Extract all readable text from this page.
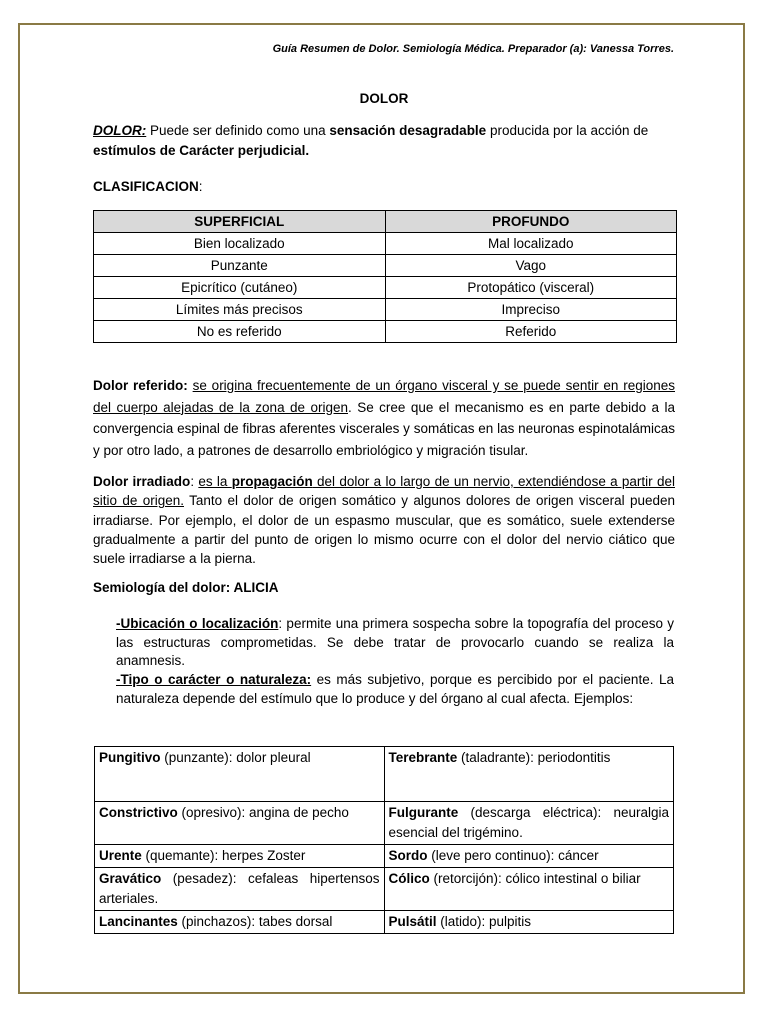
Guía Resumen de Dolor. Semiología Médica. Preparador (a): Vanessa Torres.
DOLOR
DOLOR: Puede ser definido como una sensación desagradable producida por la acción de estímulos de Carácter perjudicial.
CLASIFICACION:
SUPERFICIAL	PROFUNDO
Bien localizado	Mal localizado
Punzante	Vago
Epicrítico (cutáneo)	Protopático (visceral)
Límites más precisos	Impreciso
No es referido	Referido
Dolor referido: se origina frecuentemente de un órgano visceral y se puede sentir en regiones del cuerpo alejadas de la zona de origen. Se cree que el mecanismo es en parte debido a la convergencia espinal de fibras aferentes viscerales y somáticas en las neuronas espinotalámicas y por otro lado, a patrones de desarrollo embriológico y migración tisular.
Dolor irradiado: es la propagación del dolor a lo largo de un nervio, extendiéndose a partir del sitio de origen. Tanto el dolor de origen somático y algunos dolores de origen visceral pueden irradiarse. Por ejemplo, el dolor de un espasmo muscular, que es somático, suele extenderse gradualmente a partir del punto de origen lo mismo ocurre con el dolor del nervio ciático que suele irradiarse a la pierna.
Semiología del dolor: ALICIA
-Ubicación o localización: permite una primera sospecha sobre la topografía del proceso y las estructuras comprometidas. Se debe tratar de provocarlo cuando se realiza la anamnesis.
-Tipo o carácter o naturaleza: es más subjetivo, porque es percibido por el paciente. La naturaleza depende del estímulo que lo produce y del órgano al cual afecta. Ejemplos:
Pungitivo (punzante): dolor pleural	Terebrante (taladrante): periodontitis
Constrictivo (opresivo): angina de pecho	Fulgurante (descarga eléctrica): neuralgia esencial del trigémino.
Urente (quemante): herpes Zoster	Sordo (leve pero continuo): cáncer
Gravático (pesadez): cefaleas hipertensos arteriales.	Cólico (retorcijón): cólico intestinal o biliar
Lancinantes (pinchazos): tabes dorsal	Pulsátil (latido): pulpitis
